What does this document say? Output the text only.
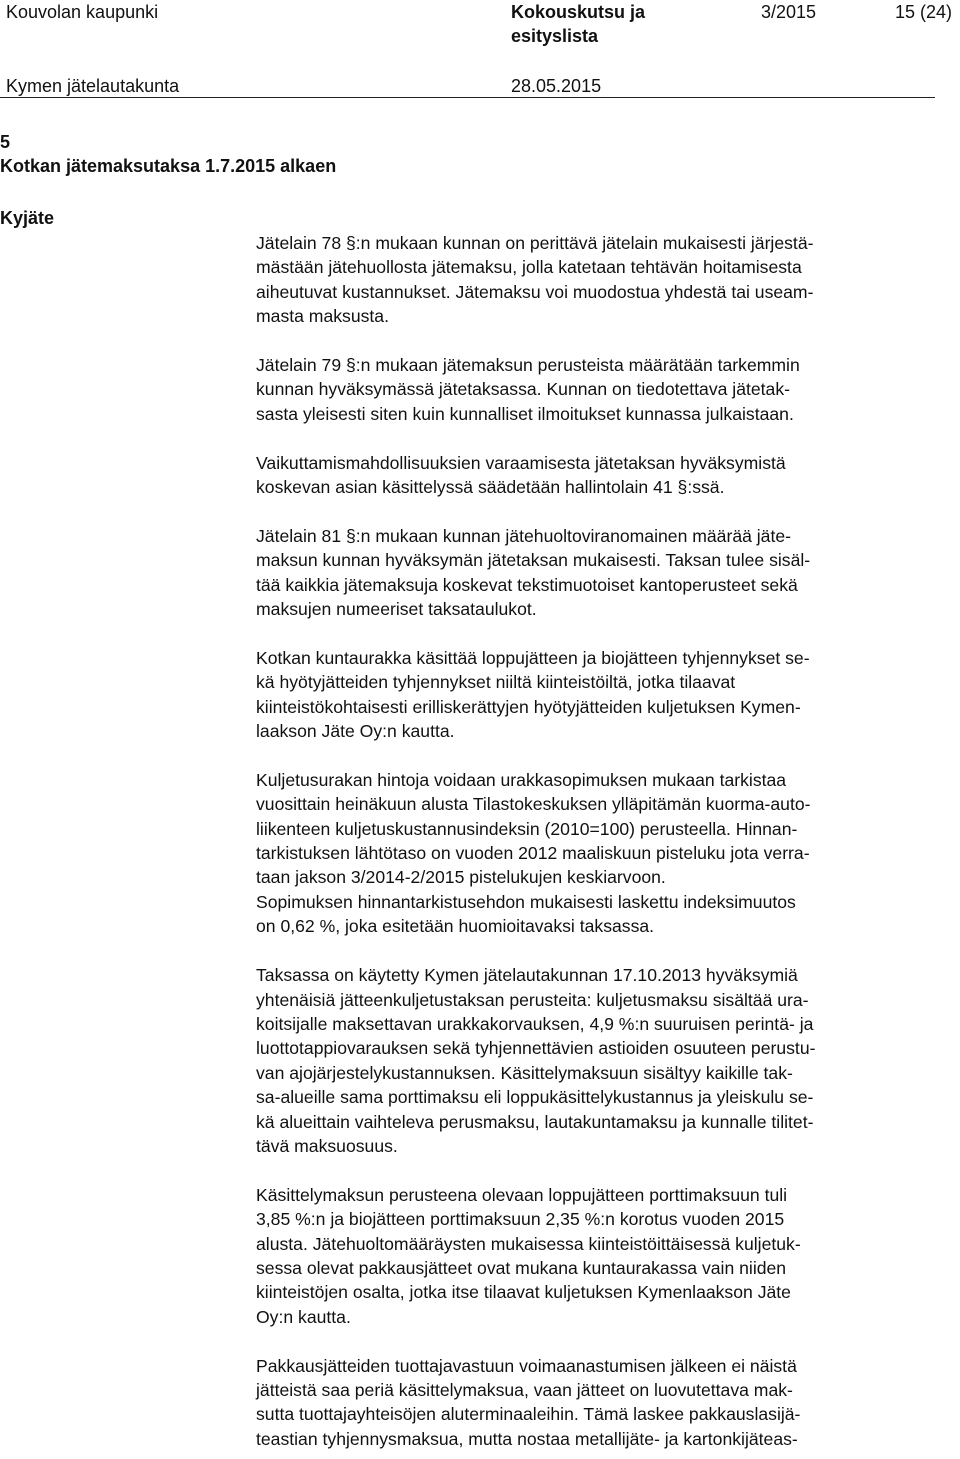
Kouvolan kaupunki	Kokouskutsu ja esityslista
3/2015	15 (24)
Kymen jätelautakunta	28.05.2015
5
Kotkan jätemaksutaksa 1.7.2015 alkaen
Kyjäte

Jätelain 78 §:n mukaan kunnan on perittävä jätelain mukaisesti järjestä-
mästään jätehuollosta jätemaksu, jolla katetaan tehtävän hoitamisesta
aiheutuvat kustannukset. Jätemaksu voi muodostua yhdestä tai useam-
masta maksusta.

Jätelain 79 §:n mukaan jätemaksun perusteista määrätään tarkemmin
kunnan hyväksymässä jätetaksassa. Kunnan on tiedotettava jätetak-
sasta yleisesti siten kuin kunnalliset ilmoitukset kunnassa julkaistaan.

Vaikuttamismahdollisuuksien varaamisesta jätetaksan hyväksymistä
koskevan asian käsittelyssä säädetään hallintolain 41 §:ssä.

Jätelain 81 §:n mukaan kunnan jätehuoltoviranomainen määrää jäte-
maksun kunnan hyväksymän jätetaksan mukaisesti. Taksan tulee sisäl-
tää kaikkia jätemaksuja koskevat tekstimuotoiset kantoperusteet sekä
maksujen numeeriset taksataulukot.

Kotkan kuntaurakka käsittää loppujätteen ja biojätteen tyhjennykset se-
kä hyötyjätteiden tyhjennykset niiltä kiinteistöiltä, jotka tilaavat
kiinteistökohtaisesti erilliskerättyjen hyötyjätteiden kuljetuksen Kymen-
laakson Jäte Oy:n kautta.

Kuljetusurakan hintoja voidaan urakkasopimuksen mukaan tarkistaa
vuosittain heinäkuun alusta Tilastokeskuksen ylläpitämän kuorma-auto-
liikenteen kuljetuskustannusindeksin (2010=100) perusteella. Hinnan-
tarkistuksen lähtötaso on vuoden 2012 maaliskuun pisteluku jota verra-
taan jakson 3/2014-2/2015 pistelukujen keskiarvoon.
Sopimuksen hinnantarkistusehdon mukaisesti laskettu indeksimuutos
on 0,62 %, joka esitetään huomioitavaksi taksassa.

Taksassa on käytetty Kymen jätelautakunnan 17.10.2013 hyväksymiä
yhtenäisiä jätteenkuljetustaksan perusteita: kuljetusmaksu sisältää ura-
koitsijalle maksettavan urakkakorvauksen, 4,9 %:n suuruisen perintä- ja
luottotappiovarauksen sekä tyhjennettävien astioiden osuuteen perustu-
van ajojärjestelykustannuksen. Käsittelymaksuun sisältyy kaikille tak-
sa-alueille sama porttimaksu eli loppukäsittelykustannus ja yleiskulu se-
kä alueittain vaihteleva perusmaksu, lautakuntamaksu ja kunnalle tilitet-
tävä maksuosuus.

Käsittelymaksun perusteena olevaan loppujätteen porttimaksuun tuli
3,85 %:n ja biojätteen porttimaksuun 2,35 %:n korotus vuoden 2015
alusta. Jätehuoltomääräysten mukaisessa kiinteistöittäisessä kuljetuk-
sessa olevat pakkausjätteet ovat mukana kuntaurakassa vain niiden
kiinteistöjen osalta, jotka itse tilaavat kuljetuksen Kymenlaakson Jäte
Oy:n kautta.

Pakkausjätteiden tuottajavastuun voimaanastumisen jälkeen ei näistä
jätteistä saa periä käsittelymaksua, vaan jätteet on luovutettava mak-
sutta tuottajayhteisöjen aluterminaaleihin. Tämä laskee pakkauslasijä-
teastian tyhjennysmaksua, mutta nostaa metallijäte- ja kartonkijäteas-
